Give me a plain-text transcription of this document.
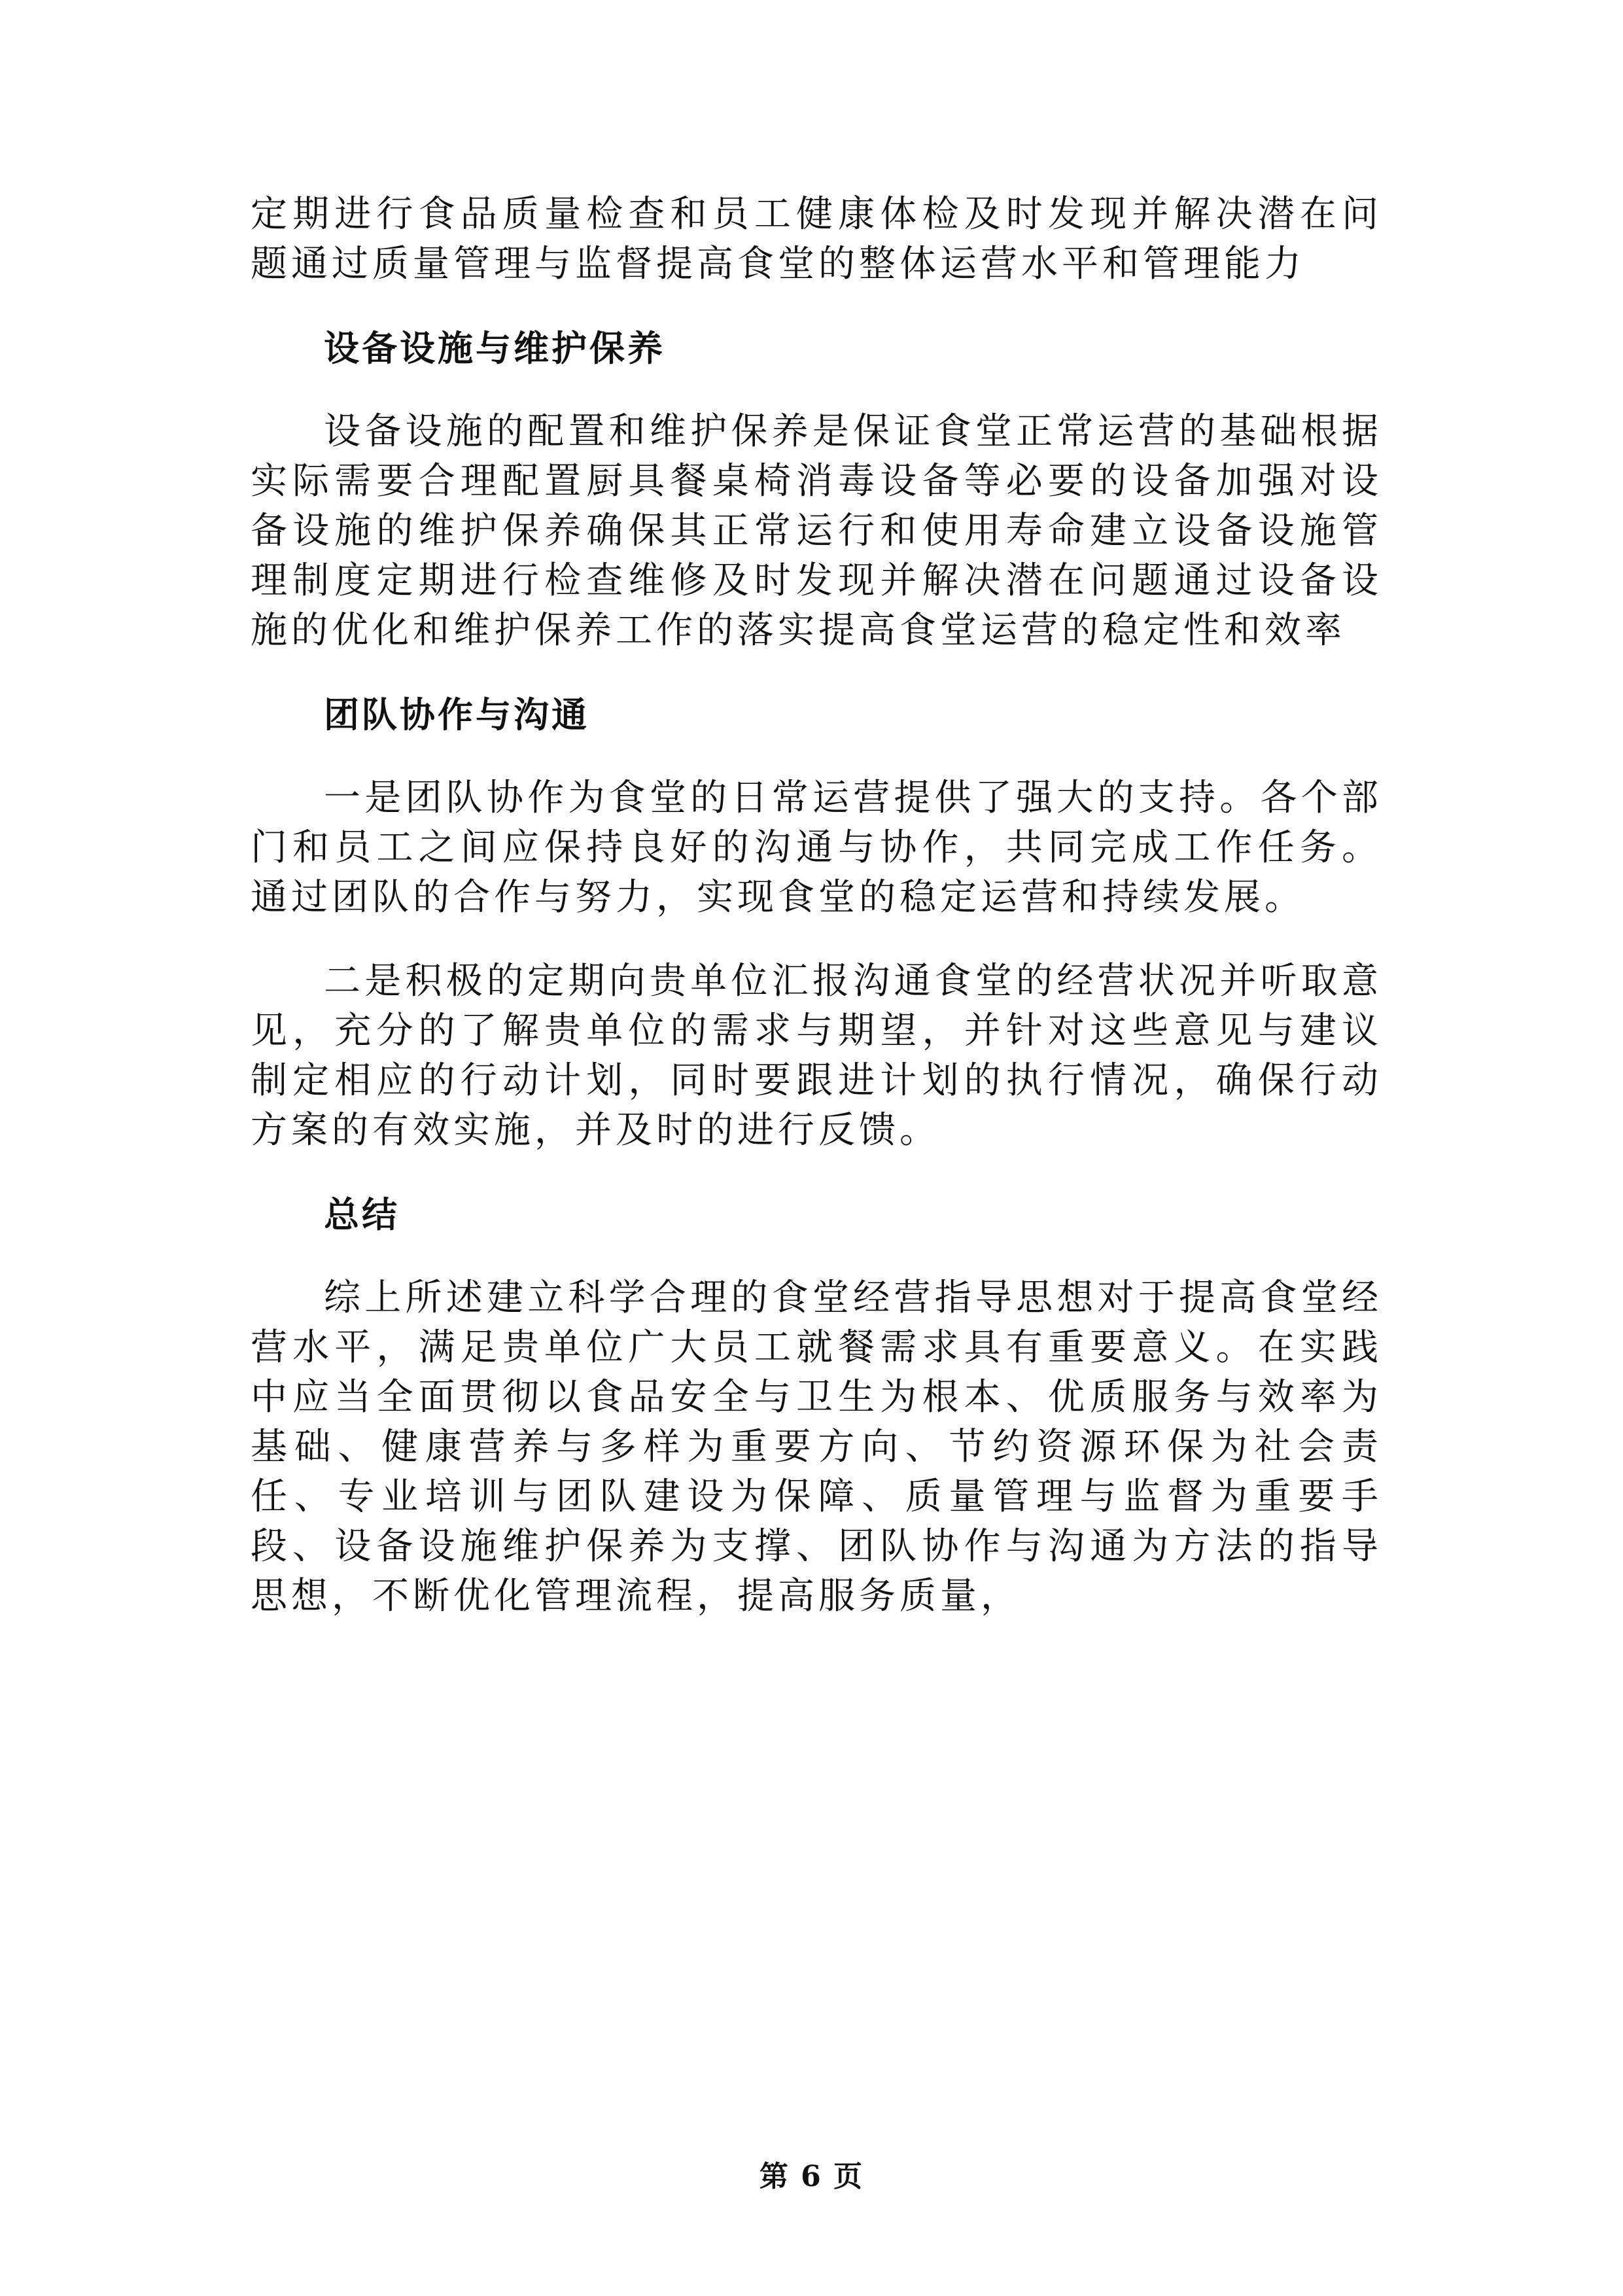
定期进行食品质量检查和员工健康体检及时发现并解决潜在问题通过质量管理与监督提高食堂的整体运营水平和管理能力

设备设施与维护保养

设备设施的配置和维护保养是保证食堂正常运营的基础根据实际需要合理配置厨具餐桌椅消毒设备等必要的设备加强对设备设施的维护保养确保其正常运行和使用寿命建立设备设施管理制度定期进行检查维修及时发现并解决潜在问题通过设备设施的优化和维护保养工作的落实提高食堂运营的稳定性和效率

团队协作与沟通

一是团队协作为食堂的日常运营提供了强大的支持。各个部门和员工之间应保持良好的沟通与协作，共同完成工作任务。通过团队的合作与努力，实现食堂的稳定运营和持续发展。

二是积极的定期向贵单位汇报沟通食堂的经营状况并听取意见，充分的了解贵单位的需求与期望，并针对这些意见与建议制定相应的行动计划，同时要跟进计划的执行情况，确保行动方案的有效实施，并及时的进行反馈。

总结

综上所述建立科学合理的食堂经营指导思想对于提高食堂经营水平，满足贵单位广大员工就餐需求具有重要意义。在实践中应当全面贯彻以食品安全与卫生为根本、优质服务与效率为基础、健康营养与多样为重要方向、节约资源环保为社会责任、专业培训与团队建设为保障、质量管理与监督为重要手段、设备设施维护保养为支撑、团队协作与沟通为方法的指导思想，不断优化管理流程，提高服务质量，

第 6 页
